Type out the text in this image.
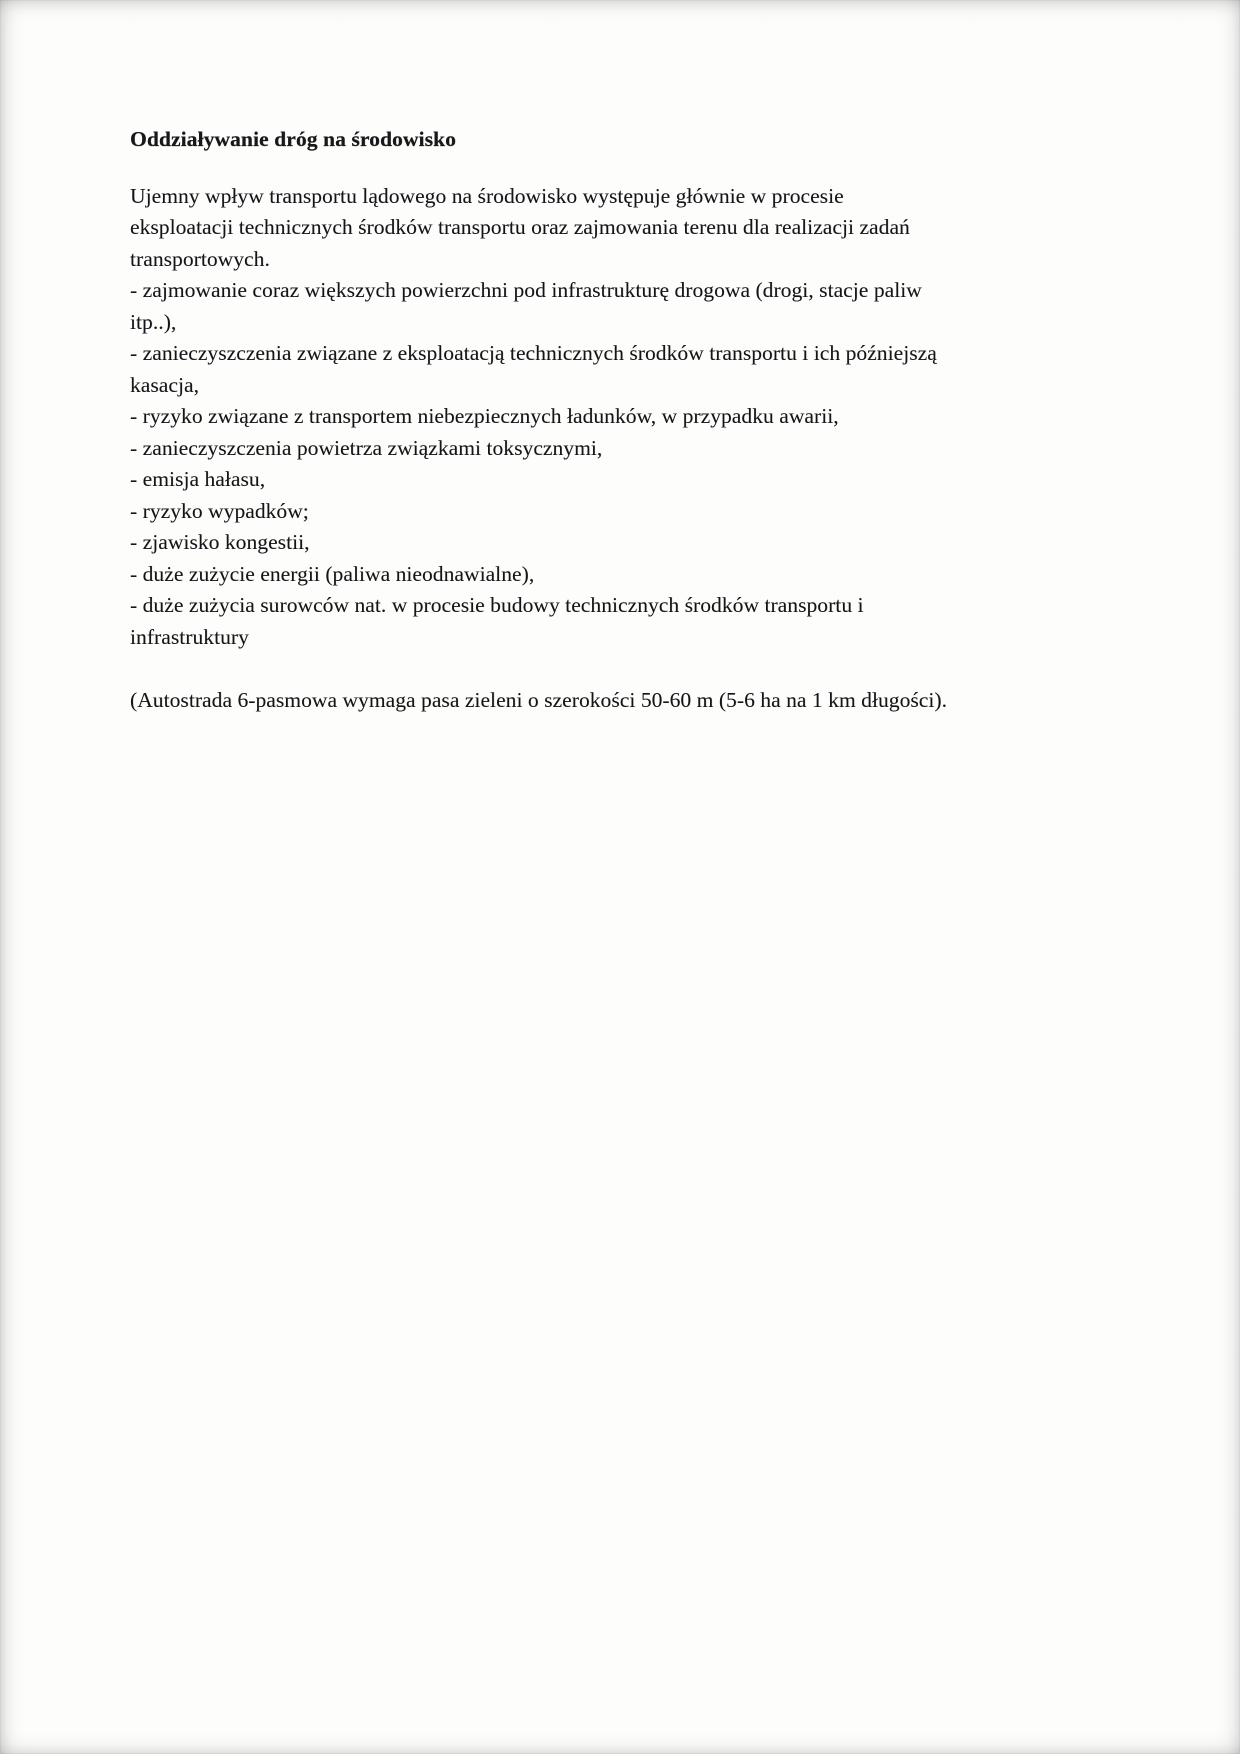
Oddziaływanie dróg na środowisko

Ujemny wpływ transportu lądowego na środowisko występuje głównie w procesie
eksploatacji technicznych środków transportu oraz zajmowania terenu dla realizacji zadań
transportowych.
- zajmowanie coraz większych powierzchni pod infrastrukturę drogowa (drogi, stacje paliw
itp..),
- zanieczyszczenia związane z eksploatacją technicznych środków transportu i ich późniejszą
kasacja,
- ryzyko związane z transportem niebezpiecznych ładunków, w przypadku awarii,
- zanieczyszczenia powietrza związkami toksycznymi,
- emisja hałasu,
- ryzyko wypadków;
- zjawisko kongestii,
- duże zużycie energii (paliwa nieodnawialne),
- duże zużycia surowców nat. w procesie budowy technicznych środków transportu i
infrastruktury

(Autostrada 6-pasmowa wymaga pasa zieleni o szerokości 50-60 m (5-6 ha na 1 km długości).
